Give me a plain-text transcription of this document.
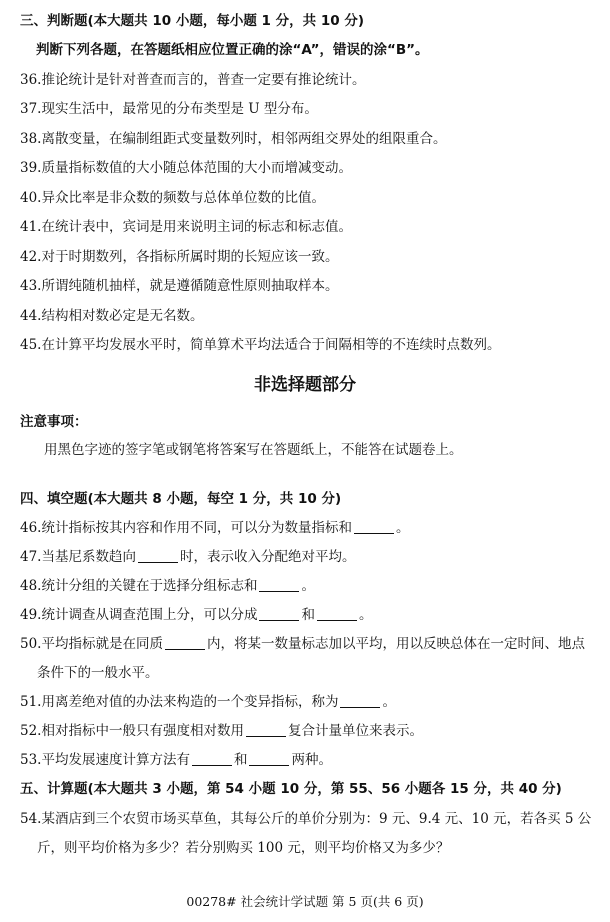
三、判断题(本大题共 10 小题，每小题 1 分，共 10 分)
判断下列各题，在答题纸相应位置正确的涂“A”，错误的涂“B”。
36.推论统计是针对普查而言的，普查一定要有推论统计。
37.现实生活中，最常见的分布类型是 U 型分布。
38.离散变量，在编制组距式变量数列时，相邻两组交界处的组限重合。
39.质量指标数值的大小随总体范围的大小而增减变动。
40.异众比率是非众数的频数与总体单位数的比值。
41.在统计表中，宾词是用来说明主词的标志和标志值。
42.对于时期数列，各指标所属时期的长短应该一致。
43.所谓纯随机抽样，就是遵循随意性原则抽取样本。
44.结构相对数必定是无名数。
45.在计算平均发展水平时，简单算术平均法适合于间隔相等的不连续时点数列。
非选择题部分
注意事项：
用黑色字迹的签字笔或钢笔将答案写在答题纸上，不能答在试题卷上。
四、填空题(本大题共 8 小题，每空 1 分，共 10 分)
46.统计指标按其内容和作用不同，可以分为数量指标和	。
47.当基尼系数趋向	时，表示收入分配绝对平均。
48.统计分组的关键在于选择分组标志和	。
49.统计调查从调查范围上分，可以分成	和	。
50.平均指标就是在同质	内，将某一数量标志加以平均，用以反映总体在一定时间、地点
条件下的一般水平。
51.用离差绝对值的办法来构造的一个变异指标，称为	。
52.相对指标中一般只有强度相对数用	复合计量单位来表示。
53.平均发展速度计算方法有	和	两种。
五、计算题(本大题共 3 小题，第 54 小题 10 分，第 55、56 小题各 15 分，共 40 分)
54.某酒店到三个农贸市场买草鱼，其每公斤的单价分别为：9 元、9.4 元、10 元，若各买 5 公
斤，则平均价格为多少？若分别购买 100 元，则平均价格又为多少？
00278# 社会统计学试题 第 5 页(共 6 页)
